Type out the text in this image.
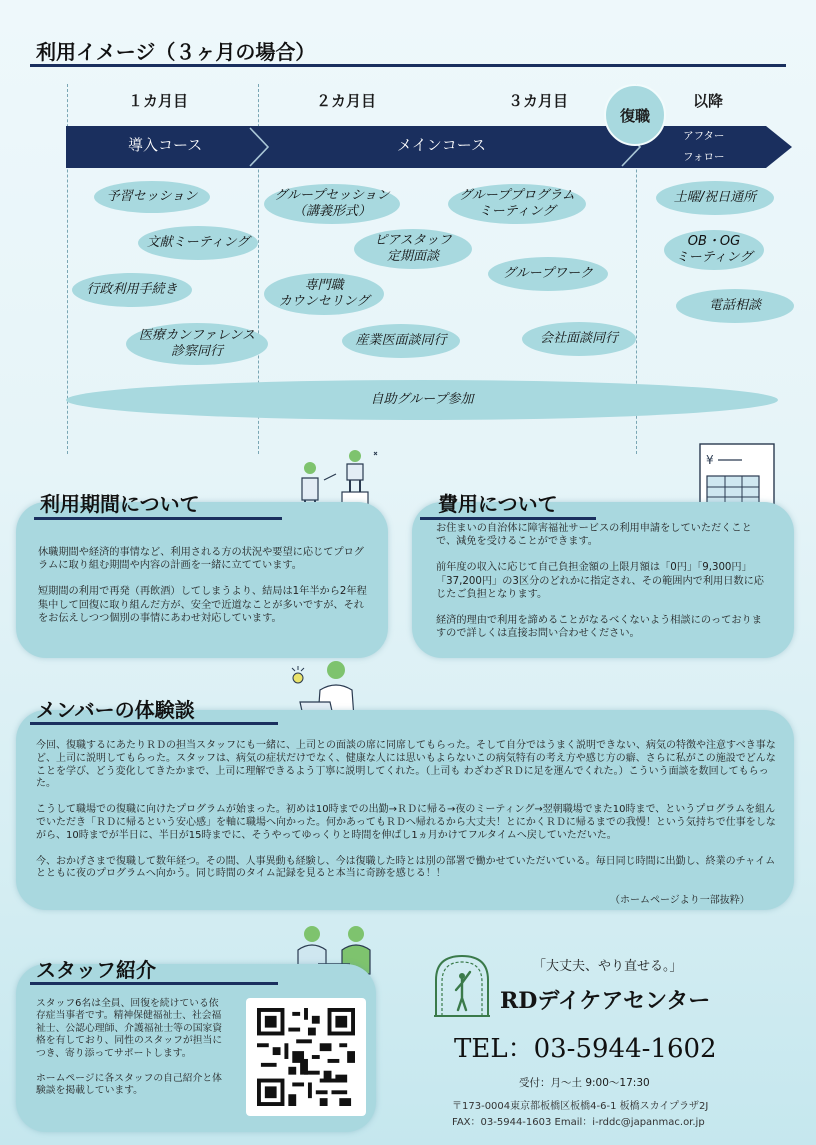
利用イメージ（３ヶ月の場合）
１カ月目	２カ月目	３カ月目	以降
導入コース	メインコース	アフター
フォロー
復職
予習セッション
文献ミーティング
行政利用手続き
医療カンファレンス
診察同行
グループセッション
（講義形式）
専門職
カウンセリング
ピアスタッフ
定期面談
グループプログラム
ミーティング
グループワーク
産業医面談同行	会社面談同行
土曜/祝日通所
OB・OG
ミーティング
電話相談
自助グループ参加
利用期間について

休職期間や経済的事情など、利用される方の状況や要望に応じてプログラムに取り組む期間や内容の計画を一緒に立てています。

短期間の利用で再発（再飲酒）してしまうより、結局は1年半から2年程集中して回復に取り組んだ方が、安全で近道なことが多いですが、それをお伝えしつつ個別の事情にあわせ対応しています。

¥
費用について

お住まいの自治体に障害福祉サービスの利用申請をしていただくことで、減免を受けることができます。

前年度の収入に応じて自己負担金額の上限月額は「0円」「9,300円」「37,200円」の3区分のどれかに指定され、その範囲内で利用日数に応じたご負担となります。

経済的理由で利用を諦めることがなるべくないよう相談にのっておりますので詳しくは直接お問い合わせください。

メンバーの体験談

今回、復職するにあたりＲＤの担当スタッフにも一緒に、上司との面談の席に同席してもらった。そして自分ではうまく説明できない、病気の特徴や注意すべき事など、上司に説明してもらった。スタッフは、病気の症状だけでなく、健康な人には思いもよらないこの病気特有の考え方や感じ方の癖、さらに私がこの施設でどんなことを学び、どう変化してきたかまで、上司に理解できるよう丁寧に説明してくれた。（上司も わざわざＲＤに足を運んでくれた。）こういう面談を数回してもらった。

こうして職場での復職に向けたプログラムが始まった。初めは10時までの出勤→ＲＤに帰る→夜のミーティング→翌朝職場でまた10時まで、というプログラムを組んでいただき「ＲＤに帰るという安心感」を軸に職場へ向かった。何かあってもＲＤへ帰れるから大丈夫！とにかくＲＤに帰るまでの我慢！という気持ちで仕事をしながら、10時までが半日に、半日が15時までに、そうやってゆっくりと時間を伸ばし1ヵ月かけてフルタイムへ戻していただいた。

今、おかげさまで復職して数年経つ。その間、人事異動も経験し、今は復職した時とは別の部署で働かせていただいている。毎日同じ時間に出勤し、終業のチャイムとともに夜のプログラムへ向かう。同じ時間のタイム記録を見ると本当に奇跡を感じる！！

（ホームページより一部抜粋）
スタッフ紹介

スタッフ6名は全員、回復を続けている依存症当事者です。精神保健福祉士、社会福祉士、公認心理師、介護福祉士等の国家資格を有しており、同性のスタッフが担当につき、寄り添ってサポートします。

ホームページに各スタッフの自己紹介と体験談を掲載しています。

「大丈夫、やり直せる。」
RDデイケアセンター
TEL：03-5944-1602
受付：月～土 9:00～17:30
〒173-0004東京都板橋区板橋4-6-1 板橋スカイプラザ2J
FAX：03-5944-1603 Email：i-rddc@japanmac.or.jp
